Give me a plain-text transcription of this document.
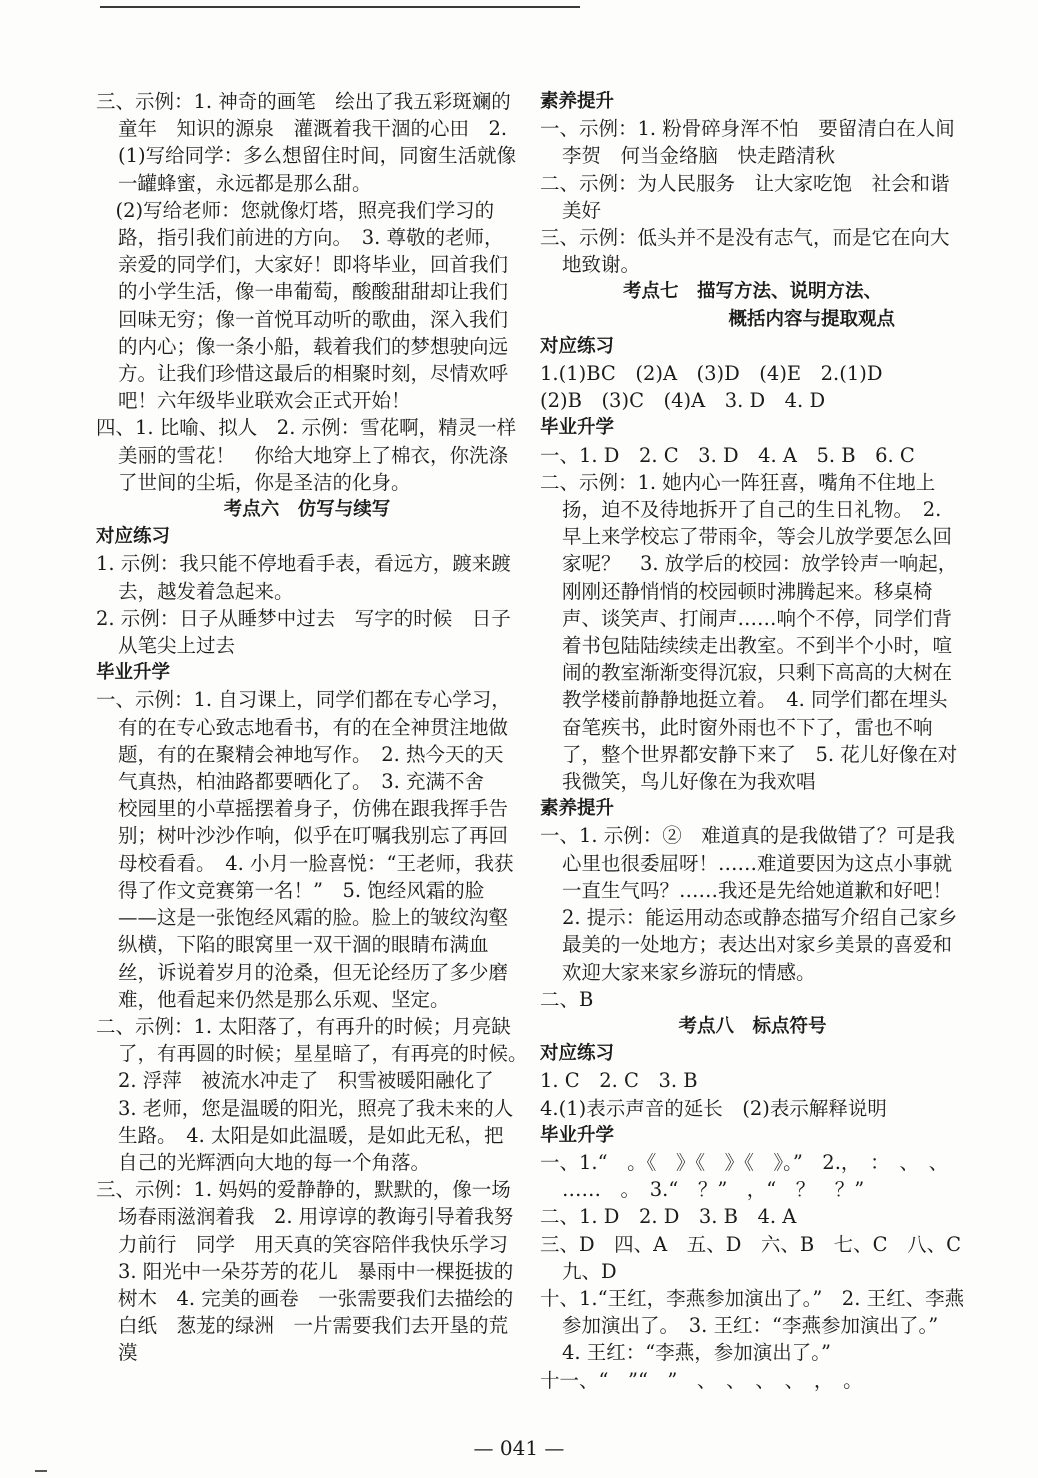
三、示例：1. 神奇的画笔　绘出了我五彩斑斓的童年　知识的源泉　灌溉着我干涸的心田　2.(1)写给同学：多么想留住时间，同窗生活就像一罐蜂蜜，永远都是那么甜。
　(2)写给老师：您就像灯塔，照亮我们学习的路，指引我们前进的方向。　3. 尊敬的老师，亲爱的同学们，大家好！即将毕业，回首我们的小学生活，像一串葡萄，酸酸甜甜却让我们回味无穷；像一首悦耳动听的歌曲，深入我们的内心；像一条小船，载着我们的梦想驶向远方。让我们珍惜这最后的相聚时刻，尽情欢呼吧！六年级毕业联欢会正式开始！
四、1. 比喻、拟人　2. 示例：雪花啊，精灵一样美丽的雪花！　你给大地穿上了棉衣，你洗涤了世间的尘垢，你是圣洁的化身。
考点六　仿写与续写
对应练习
1. 示例：我只能不停地看手表，看远方，踱来踱去，越发着急起来。
2. 示例：日子从睡梦中过去　写字的时候　日子从笔尖上过去
毕业升学
一、示例：1. 自习课上，同学们都在专心学习，有的在专心致志地看书，有的在全神贯注地做题，有的在聚精会神地写作。　2. 热今天的天气真热，柏油路都要晒化了。　3. 充满不舍　校园里的小草摇摆着身子，仿佛在跟我挥手告别；树叶沙沙作响，似乎在叮嘱我别忘了再回母校看看。　4. 小月一脸喜悦：“王老师，我获得了作文竞赛第一名！”　5. 饱经风霜的脸——这是一张饱经风霜的脸。脸上的皱纹沟壑纵横，下陷的眼窝里一双干涸的眼睛布满血丝，诉说着岁月的沧桑，但无论经历了多少磨难，他看起来仍然是那么乐观、坚定。
二、示例：1. 太阳落了，有再升的时候；月亮缺了，有再圆的时候；星星暗了，有再亮的时候。　2. 浮萍　被流水冲走了　积雪被暖阳融化了　3. 老师，您是温暖的阳光，照亮了我未来的人生路。　4. 太阳是如此温暖，是如此无私，把自己的光辉洒向大地的每一个角落。
三、示例：1. 妈妈的爱静静的，默默的，像一场场春雨滋润着我　2. 用谆谆的教诲引导着我努力前行　同学　用天真的笑容陪伴我快乐学习　3. 阳光中一朵芬芳的花儿　暴雨中一棵挺拔的树木　4. 完美的画卷　一张需要我们去描绘的白纸　葱茏的绿洲　一片需要我们去开垦的荒漠
素养提升
一、示例：1. 粉骨碎身浑不怕　要留清白在人间　李贺　何当金络脑　快走踏清秋
二、示例：为人民服务　让大家吃饱　社会和谐美好
三、示例：低头并不是没有志气，而是它在向大地致谢。
考点七　描写方法、说明方法、
概括内容与提取观点
对应练习
1.(1)BC　(2)A　(3)D　(4)E　2.(1)D
(2)B　(3)C　(4)A　3. D　4. D
毕业升学
一、1. D　2. C　3. D　4. A　5. B　6. C
二、示例：1. 她内心一阵狂喜，嘴角不住地上扬，迫不及待地拆开了自己的生日礼物。　2. 早上来学校忘了带雨伞，等会儿放学要怎么回家呢？　3. 放学后的校园：放学铃声一响起，刚刚还静悄悄的校园顿时沸腾起来。移桌椅声、谈笑声、打闹声……响个不停，同学们背着书包陆陆续续走出教室。不到半个小时，喧闹的教室渐渐变得沉寂，只剩下高高的大树在教学楼前静静地挺立着。　4. 同学们都在埋头奋笔疾书，此时窗外雨也不下了，雷也不响了，整个世界都安静下来了　5. 花儿好像在对我微笑，鸟儿好像在为我欢唱
素养提升
一、1. 示例：②　难道真的是我做错了？可是我心里也很委屈呀！……难道要因为这点小事就一直生气吗？……我还是先给她道歉和好吧！　2. 提示：能运用动态或静态描写介绍自己家乡最美的一处地方；表达出对家乡美景的喜爱和欢迎大家来家乡游玩的情感。
二、B
考点八　标点符号
对应练习
1. C　2. C　3. B
4.(1)表示声音的延长　(2)表示解释说明
毕业升学
一、1.“　。《　》《　》《　》。”　2.，　：　、　、　……　。　3.“　？”　，“　？　？”
二、1. D　2. D　3. B　4. A
三、D　四、A　五、D　六、B　七、C　八、C　九、D
十、1.“王红，李燕参加演出了。”　2. 王红、李燕参加演出了。　3. 王红：“李燕参加演出了。”　4. 王红：“李燕，参加演出了。”
十一、“　”“　”　、　、　、　、　，　。
— 041 —
